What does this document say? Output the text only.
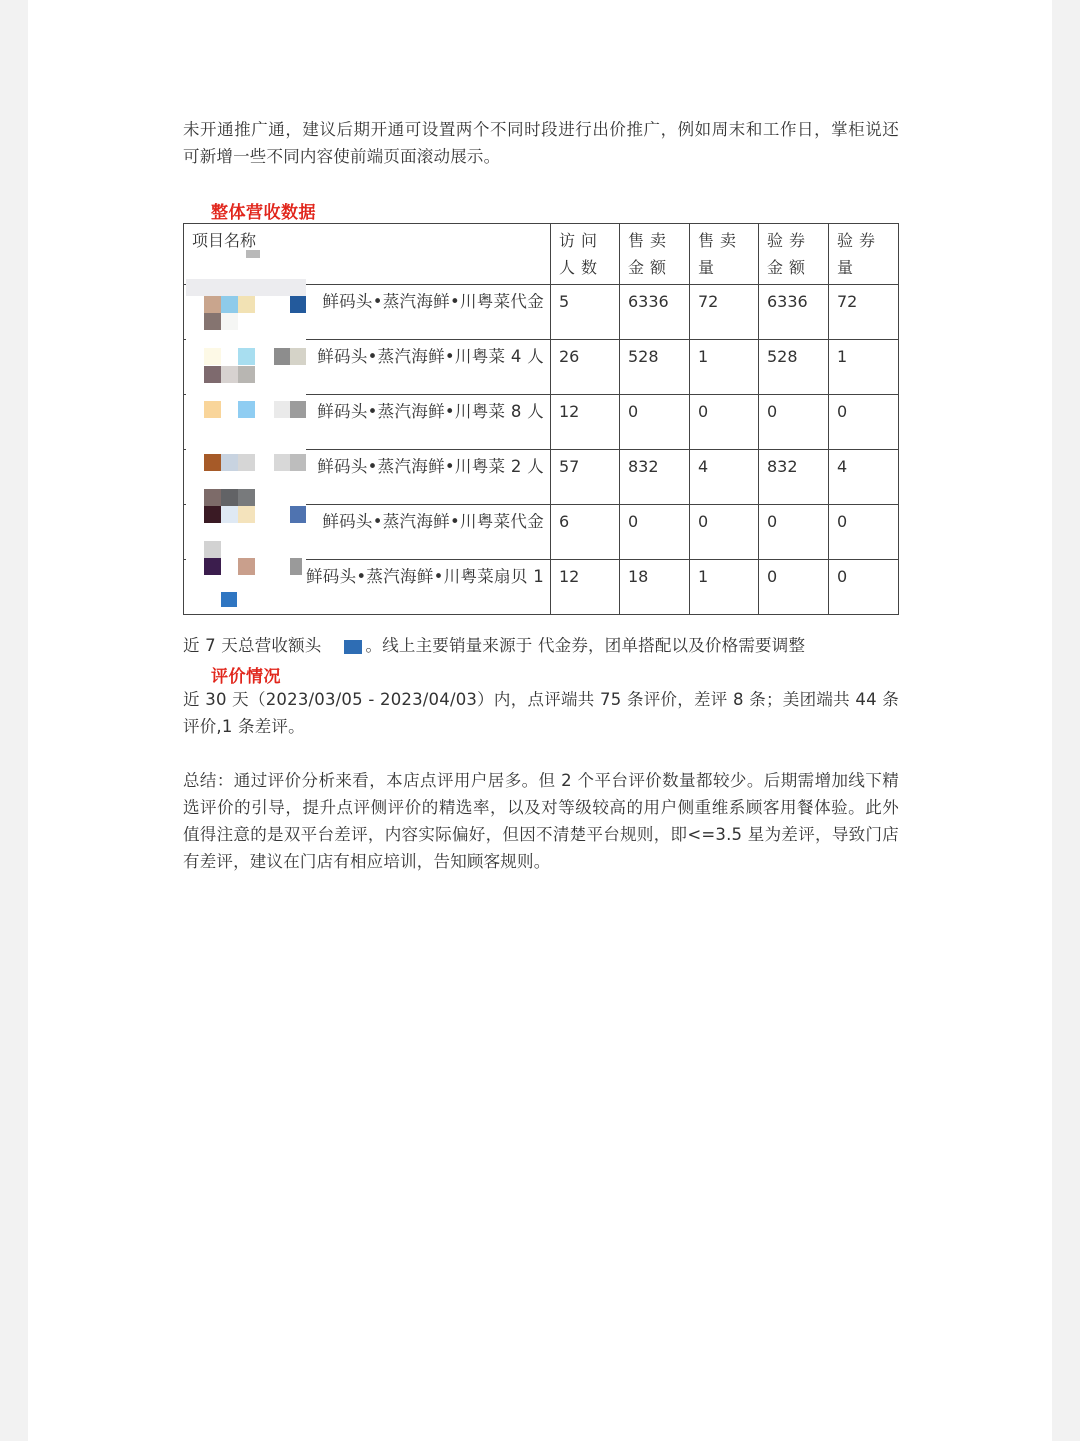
未开通推广通，建议后期开通可设置两个不同时段进行出价推广，例如周末和工作日，掌柜说还可新增一些不同内容使前端页面滚动展示。
整体营收数据
项目名称	访问人数	售卖金额	售卖量	验券金额	验券量

鲜码头•蒸汽海鲜•川粤菜代金	5	6336	72	6336	72

鲜码头•蒸汽海鲜•川粤菜 4 人	26	528	1	528	1

鲜码头•蒸汽海鲜•川粤菜 8 人	12	0	0	0	0

鲜码头•蒸汽海鲜•川粤菜 2 人	57	832	4	832	4

鲜码头•蒸汽海鲜•川粤菜代金	6	0	0	0	0

鲜码头•蒸汽海鲜•川粤菜扇贝 1	12	18	1	0	0
近 7 天总营收额头	。线上主要销量来源于 代金券，团单搭配以及价格需要调整
评价情况
近 30 天（2023/03/05 - 2023/04/03）内，点评端共 75 条评价，差评 8 条；美团端共 44 条评价,1 条差评。
总结：通过评价分析来看，本店点评用户居多。但 2 个平台评价数量都较少。后期需增加线下精选评价的引导，提升点评侧评价的精选率，以及对等级较高的用户侧重维系顾客用餐体验。此外值得注意的是双平台差评，内容实际偏好，但因不清楚平台规则，即<=3.5 星为差评，导致门店有差评，建议在门店有相应培训，告知顾客规则。
